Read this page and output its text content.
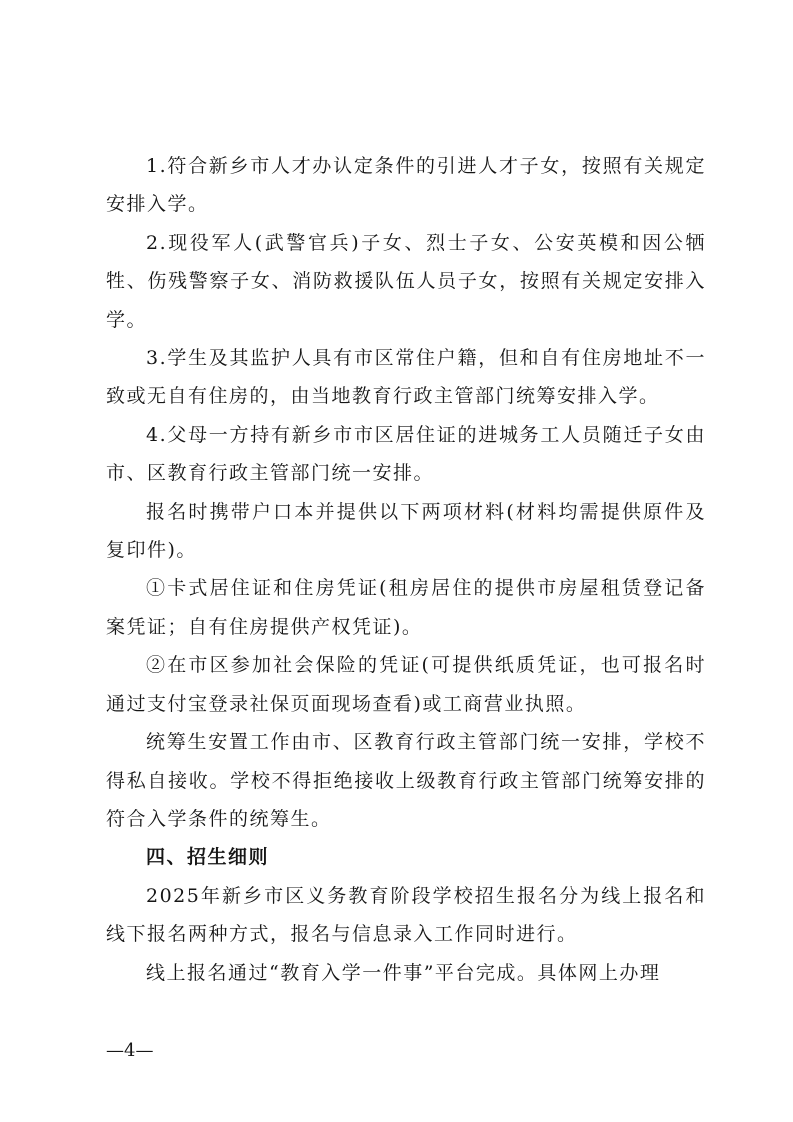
1.符合新乡市人才办认定条件的引进人才子女，按照有关规定安排入学。

2.现役军人(武警官兵)子女、烈士子女、公安英模和因公牺牲、伤残警察子女、消防救援队伍人员子女，按照有关规定安排入学。

3.学生及其监护人具有市区常住户籍，但和自有住房地址不一致或无自有住房的，由当地教育行政主管部门统筹安排入学。

4.父母一方持有新乡市市区居住证的进城务工人员随迁子女由市、区教育行政主管部门统一安排。

报名时携带户口本并提供以下两项材料(材料均需提供原件及复印件)。

①卡式居住证和住房凭证(租房居住的提供市房屋租赁登记备案凭证；自有住房提供产权凭证)。

②在市区参加社会保险的凭证(可提供纸质凭证，也可报名时通过支付宝登录社保页面现场查看)或工商营业执照。

统筹生安置工作由市、区教育行政主管部门统一安排，学校不得私自接收。学校不得拒绝接收上级教育行政主管部门统筹安排的符合入学条件的统筹生。

四、招生细则

2025年新乡市区义务教育阶段学校招生报名分为线上报名和线下报名两种方式，报名与信息录入工作同时进行。

线上报名通过“教育入学一件事”平台完成。具体网上办理

—4—
